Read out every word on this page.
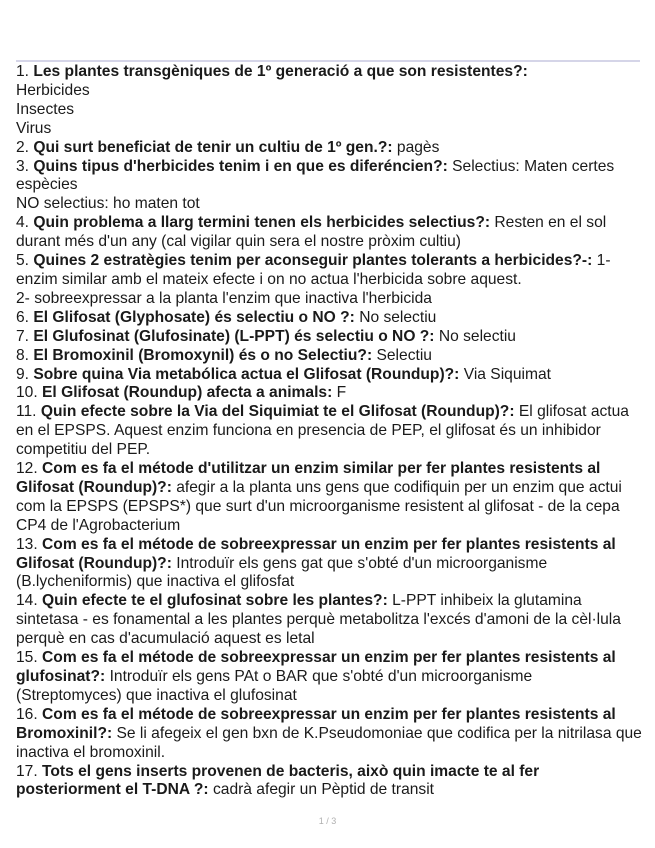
1. Les plantes transgèniques de 1º generació a que son resistentes?:
Herbicides
Insectes
Virus
2. Qui surt beneficiat de tenir un cultiu de 1º gen.?: pagès
3. Quins tipus d'herbicides tenim i en que es diferéncien?: Selectius: Maten certes espècies
NO selectius: ho maten tot
4. Quin problema a llarg termini tenen els herbicides selectius?: Resten en el sol durant més d'un any (cal vigilar quin sera el nostre pròxim cultiu)
5. Quines 2 estratègies tenim per aconseguir plantes tolerants a herbicides?-: 1- enzim similar amb el mateix efecte i on no actua l'herbicida sobre aquest.
2- sobreexpressar a la planta l'enzim que inactiva l'herbicida
6. El Glifosat (Glyphosate) és selectiu o NO ?: No selectiu
7. El Glufosinat (Glufosinate) (L-PPT) és selectiu o NO ?: No selectiu
8. El Bromoxinil (Bromoxynil) és o no Selectiu?: Selectiu
9. Sobre quina Via metabólica actua el Glifosat (Roundup)?: Via Siquimat
10. El Glifosat (Roundup) afecta a animals: F
11. Quin efecte sobre la Via del Siquimiat te el Glifosat (Roundup)?: El glifosat actua en el EPSPS. Aquest enzim funciona en presencia de PEP, el glifosat és un inhibidor competitiu del PEP.
12. Com es fa el métode d'utilitzar un enzim similar per fer plantes resistents al Glifosat (Roundup)?: afegir a la planta uns gens que codifiquin per un enzim que actui com la EPSPS (EPSPS*) que surt d'un microorganisme resistent al glifosat - de la cepa CP4 de l'Agrobacterium
13. Com es fa el métode de sobreexpressar un enzim per fer plantes resistents al Glifosat (Roundup)?: Introduïr els gens gat que s'obté d'un microorganisme (B.lycheniformis) que inactiva el glifosfat
14. Quin efecte te el glufosinat sobre les plantes?: L-PPT inhibeix la glutamina sintetasa - es fonamental a les plantes perquè metabolitza l'excés d'amoni de la cèl·lula perquè en cas d'acumulació aquest es letal
15. Com es fa el métode de sobreexpressar un enzim per fer plantes resistents al glufosinat?: Introduïr els gens PAt o BAR que s'obté d'un microorganisme (Streptomyces) que inactiva el glufosinat
16. Com es fa el métode de sobreexpressar un enzim per fer plantes resistents al Bromoxinil?: Se li afegeix el gen bxn de K.Pseudomoniae que codifica per la nitrilasa que inactiva el bromoxinil.
17. Tots el gens inserts provenen de bacteris, això quin imacte te al fer posteriorment el T-DNA ?: cadrà afegir un Pèptid de transit
1 / 3
